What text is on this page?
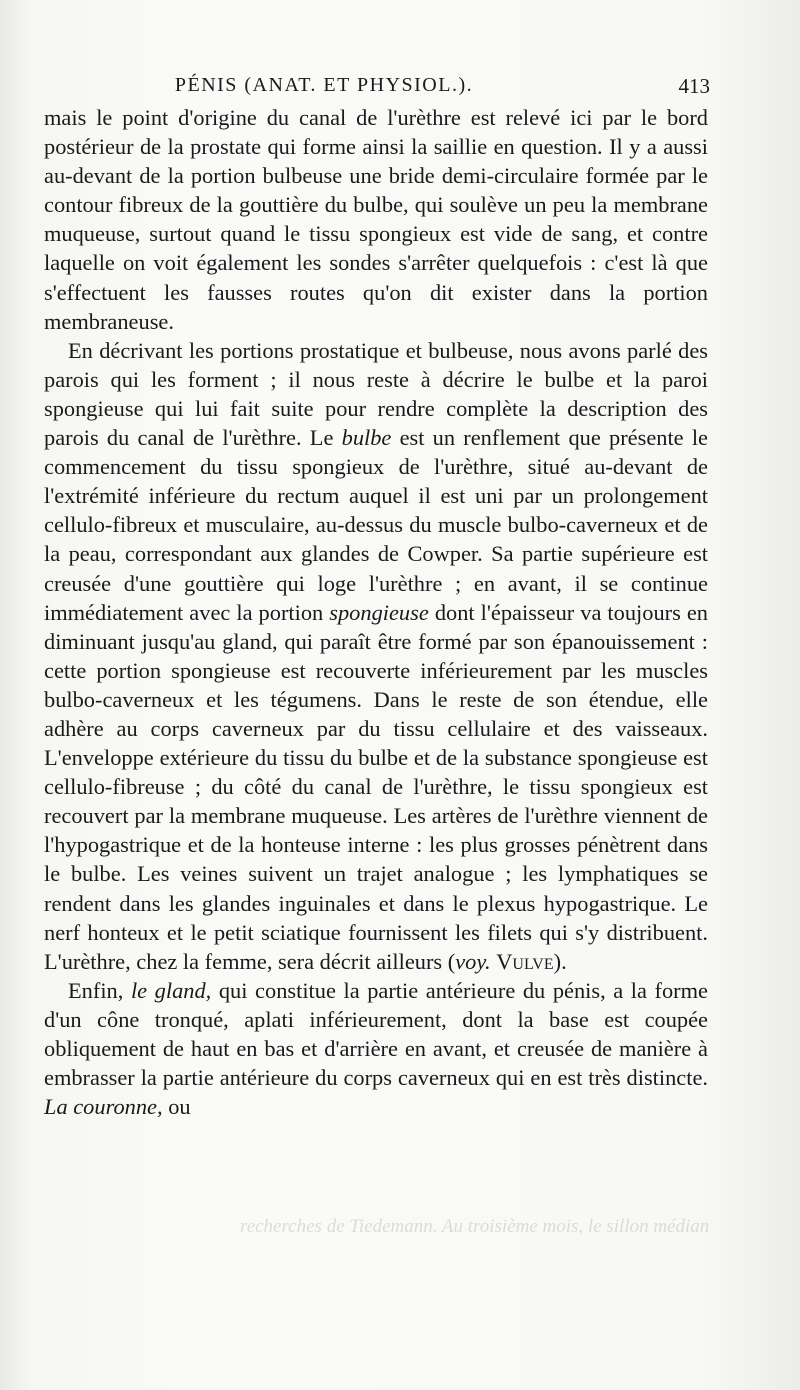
PÉNIS (ANAT. ET PHYSIOL.).	413

mais le point d'origine du canal de l'urèthre est relevé ici par le bord postérieur de la prostate qui forme ainsi la saillie en question. Il y a aussi au-devant de la portion bulbeuse une bride demi-circulaire formée par le contour fibreux de la gouttière du bulbe, qui soulève un peu la membrane muqueuse, surtout quand le tissu spongieux est vide de sang, et contre laquelle on voit également les sondes s'arrêter quelquefois : c'est là que s'effectuent les fausses routes qu'on dit exister dans la portion membraneuse.

En décrivant les portions prostatique et bulbeuse, nous avons parlé des parois qui les forment ; il nous reste à décrire le bulbe et la paroi spongieuse qui lui fait suite pour rendre complète la description des parois du canal de l'urèthre. Le bulbe est un renflement que présente le commencement du tissu spongieux de l'urèthre, situé au-devant de l'extrémité inférieure du rectum auquel il est uni par un prolongement cellulo-fibreux et musculaire, au-dessus du muscle bulbo-caverneux et de la peau, correspondant aux glandes de Cowper. Sa partie supérieure est creusée d'une gouttière qui loge l'urèthre ; en avant, il se continue immédiatement avec la portion spongieuse dont l'épaisseur va toujours en diminuant jusqu'au gland, qui paraît être formé par son épanouissement : cette portion spongieuse est recouverte inférieurement par les muscles bulbo-caverneux et les tégumens. Dans le reste de son étendue, elle adhère au corps caverneux par du tissu cellulaire et des vaisseaux. L'enveloppe extérieure du tissu du bulbe et de la substance spongieuse est cellulo-fibreuse ; du côté du canal de l'urèthre, le tissu spongieux est recouvert par la membrane muqueuse. Les artères de l'urèthre viennent de l'hypogastrique et de la honteuse interne : les plus grosses pénètrent dans le bulbe. Les veines suivent un trajet analogue ; les lymphatiques se rendent dans les glandes inguinales et dans le plexus hypogastrique. Le nerf honteux et le petit sciatique fournissent les filets qui s'y distribuent. L'urèthre, chez la femme, sera décrit ailleurs (voy. Vulve).

Enfin, le gland, qui constitue la partie antérieure du pénis, a la forme d'un cône tronqué, aplati inférieurement, dont la base est coupée obliquement de haut en bas et d'arrière en avant, et creusée de manière à embrasser la partie antérieure du corps caverneux qui en est très distincte. La couronne, ou

recherches de Tiedemann. Au troisième mois, le sillon médian
